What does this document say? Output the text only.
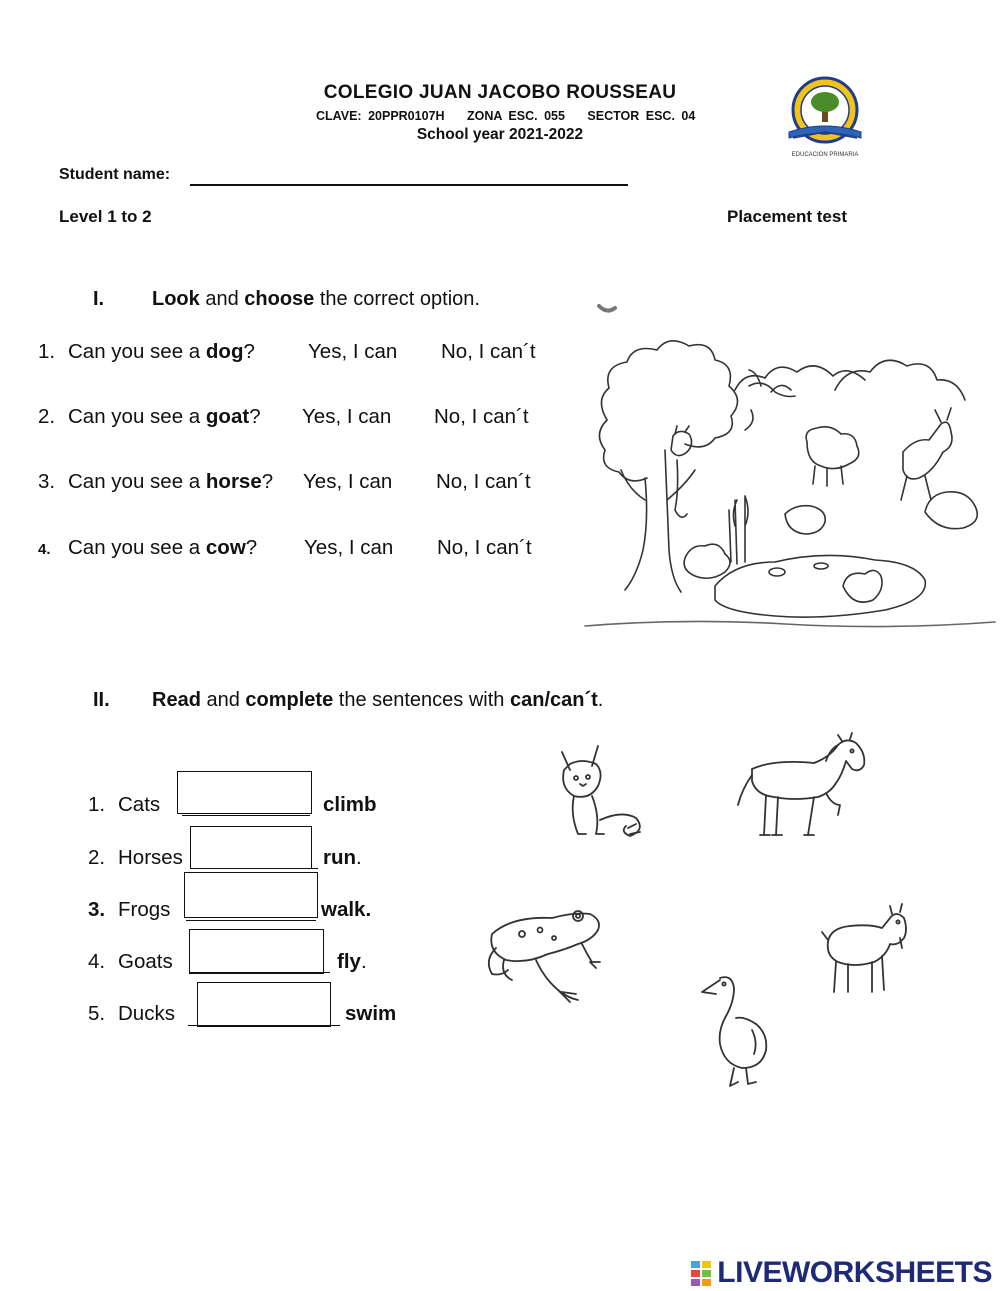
COLEGIO JUAN JACOBO ROUSSEAU
CLAVE: 20PPR0107H ZONA ESC. 055 SECTOR ESC. 04
School year 2021-2022
EDUCACION PRIMARIA
Student name:
Level 1 to 2	Placement test
I. Look and choose the correct option.
1. Can you see a dog?	Yes, I can No, I can´t
2. Can you see a goat? Yes, I can No, I can´t
3. Can you see a horse? Yes, I can No, I can´t
4. Can you see a cow? Yes, I can No, I can´t
II. Read and complete the sentences with can/can´t.
1. Cats	climb
2. Horses	run.
3. Frogs	walk.
4. Goats	fly.
5. Ducks	swim
LIVEWORKSHEETS
